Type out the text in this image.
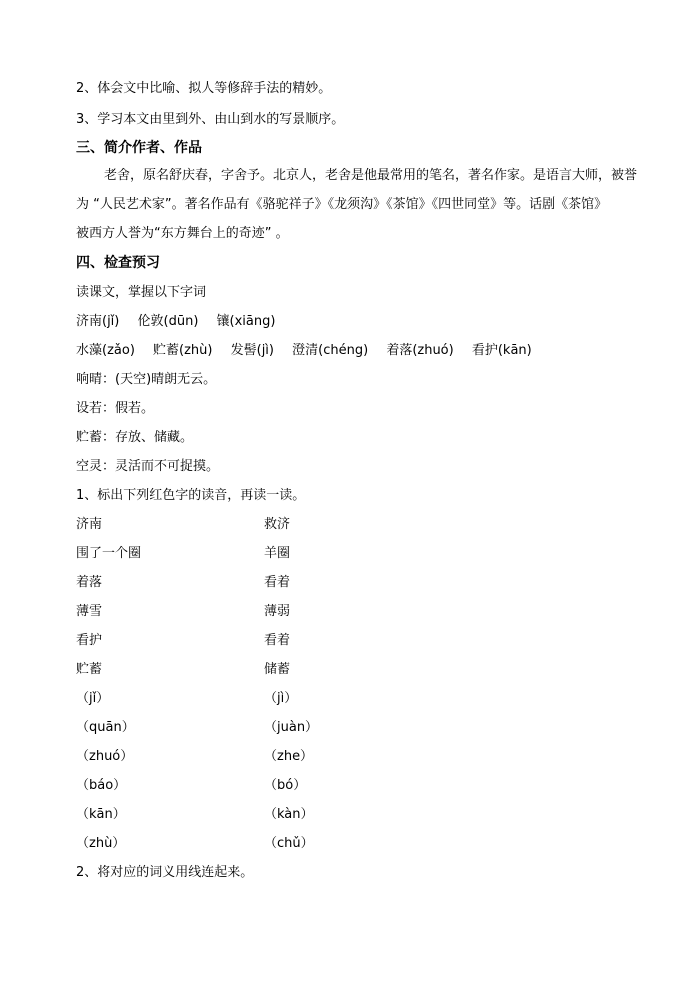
2、体会文中比喻、拟人等修辞手法的精妙。
3、学习本文由里到外、由山到水的写景顺序。
三、简介作者、作品
老舍，原名舒庆春，字舍予。北京人，老舍是他最常用的笔名，著名作家。是语言大师，被誉
为 “人民艺术家”。著名作品有《骆驼祥子》《龙须沟》《茶馆》《四世同堂》等。话剧《茶馆》
被西方人誉为“东方舞台上的奇迹” 。
四、检查预习
读课文，掌握以下字词
济南(jǐ) 伦敦(dūn) 镶(xiāng)
水藻(zǎo) 贮蓄(zhù) 发髻(jì) 澄清(chéng) 着落(zhuó) 看护(kān)
响晴：(天空)晴朗无云。
设若：假若。
贮蓄：存放、储藏。
空灵：灵活而不可捉摸。
1、标出下列红色字的读音，再读一读。
济南	救济
围了一个圈	羊圈
着落	看着
薄雪	薄弱
看护	看着
贮蓄	储蓄
（jǐ）	（jì）
（quān）	（juàn）
（zhuó）	（zhe）
（báo）	（bó）
（kān）	（kàn）
（zhù）	（chǔ）
2、将对应的词义用线连起来。
